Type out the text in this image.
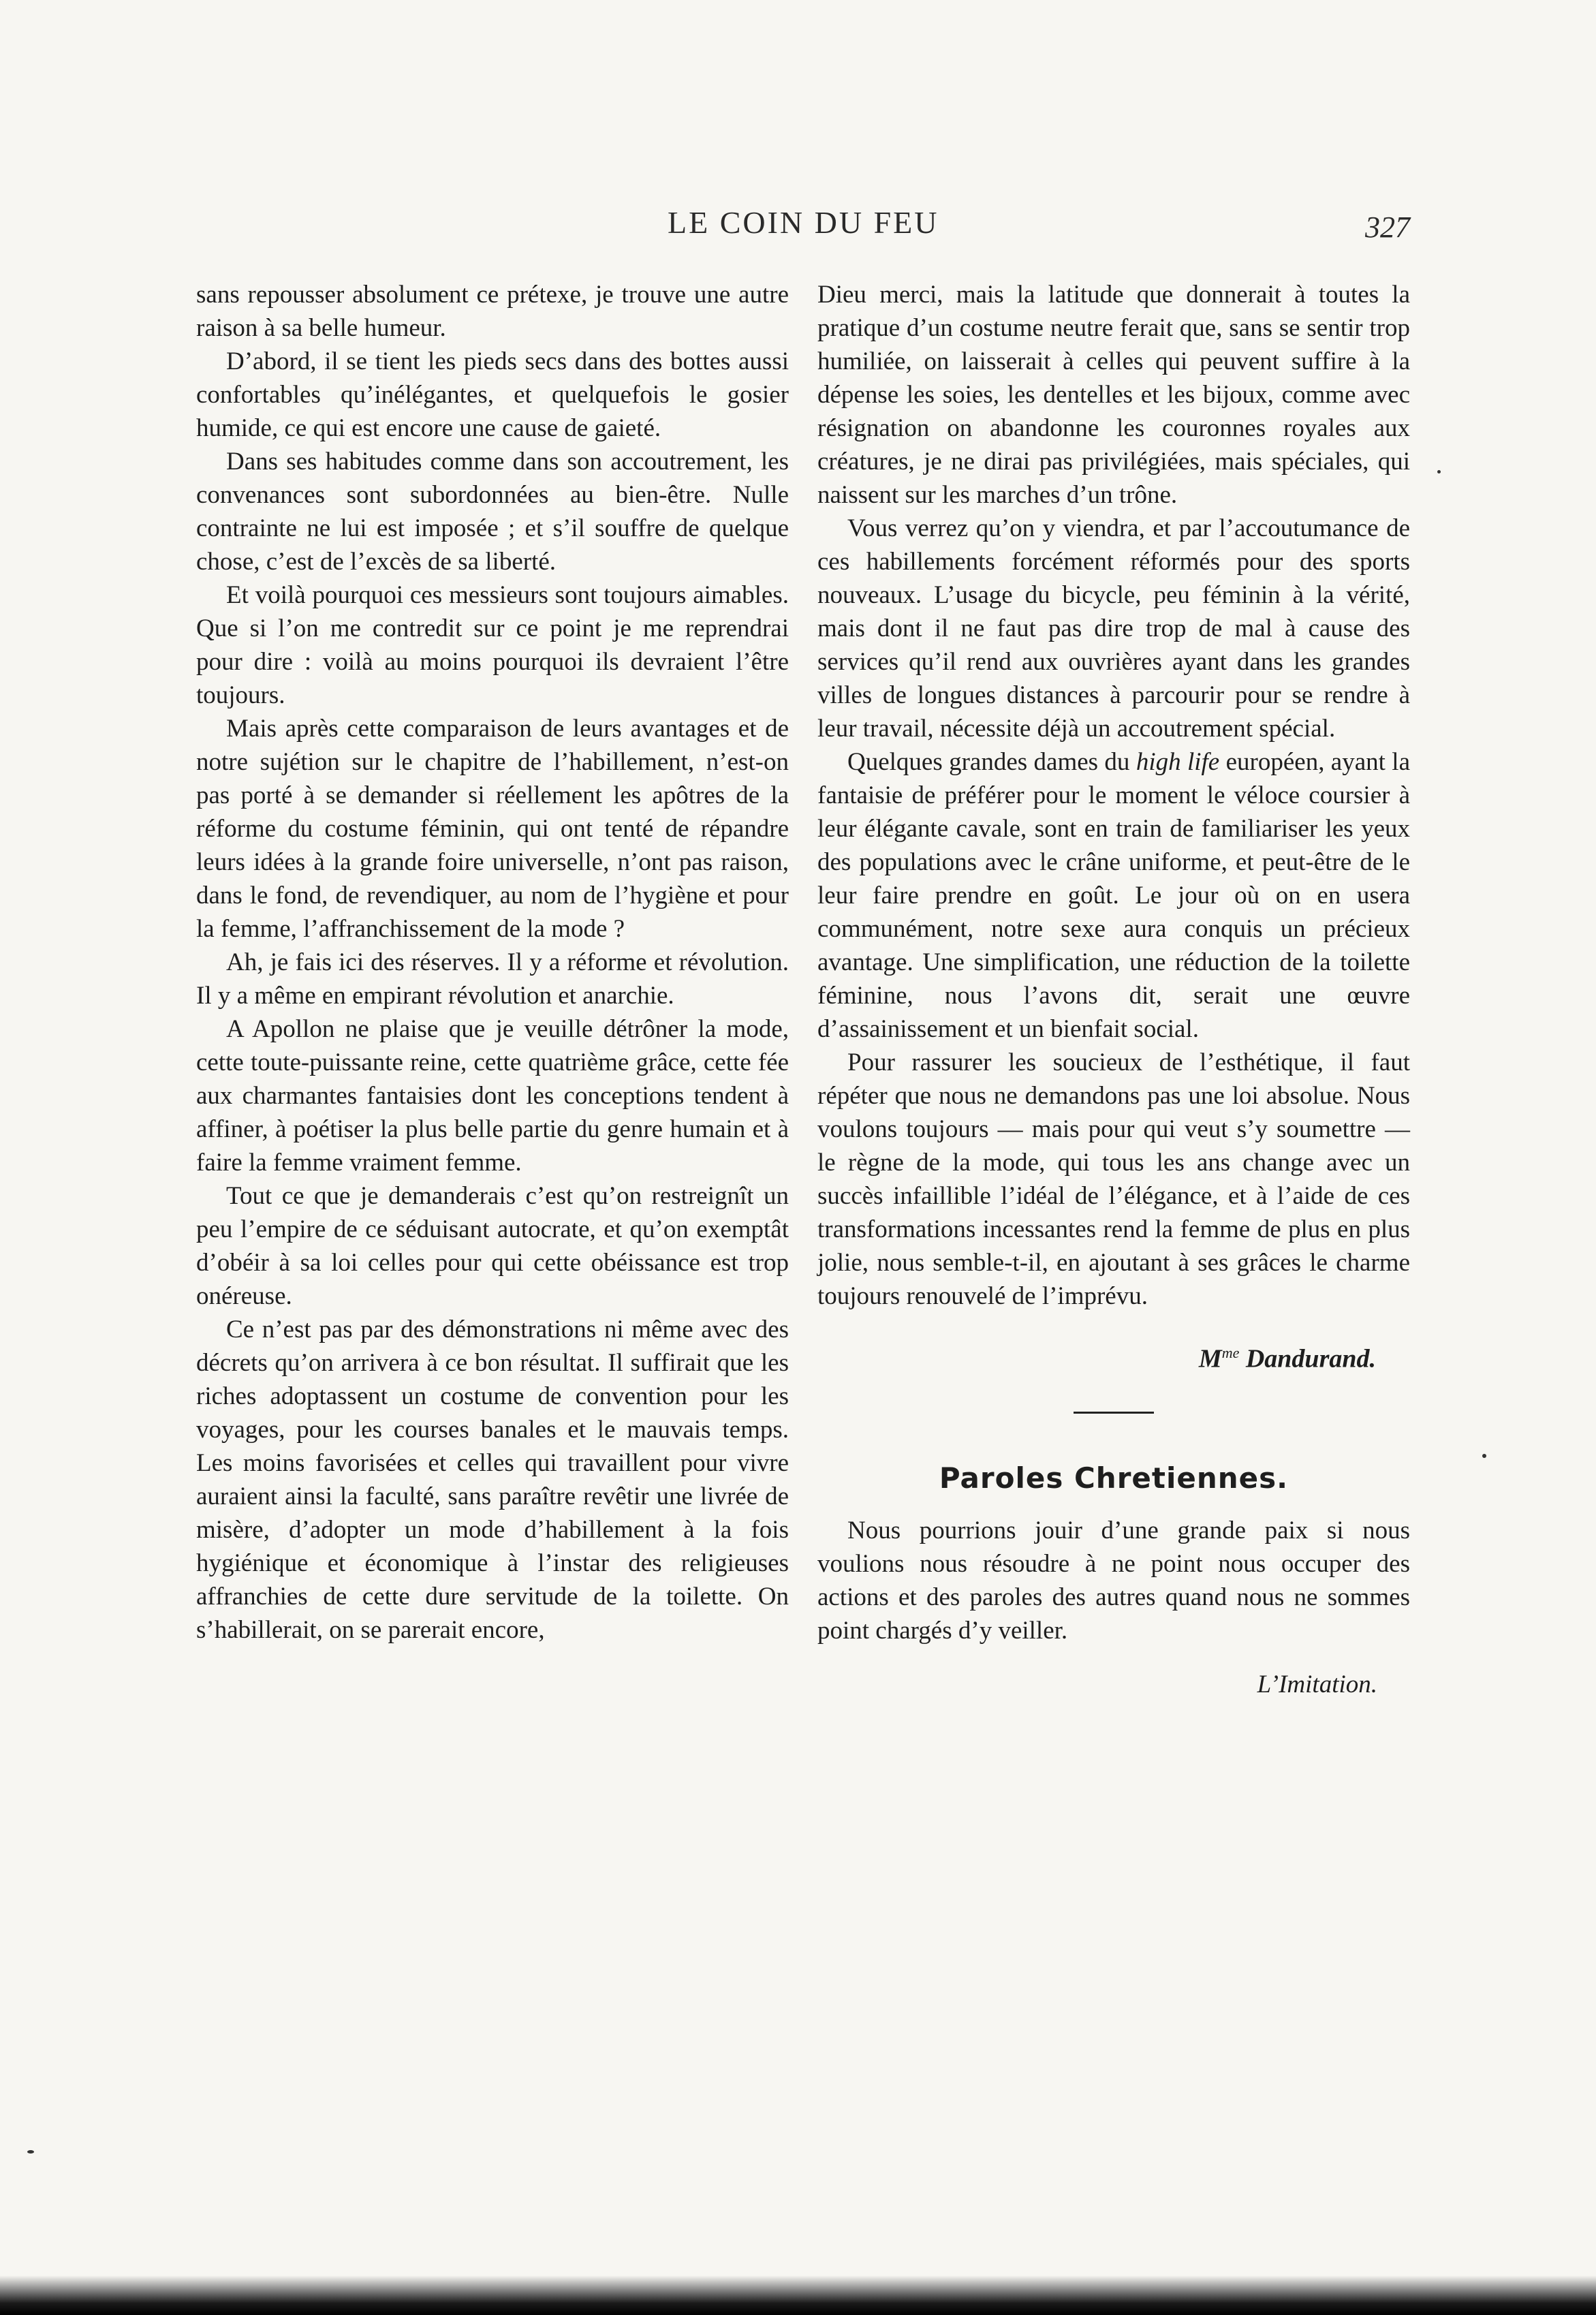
LE COIN DU FEU	327

sans repousser absolument ce prétexe, je trouve une autre raison à sa belle humeur.

D’abord, il se tient les pieds secs dans des bottes aussi confortables qu’inélégantes, et quelquefois le gosier humide, ce qui est encore une cause de gaieté.

Dans ses habitudes comme dans son accoutrement, les convenances sont subordonnées au bien-être. Nulle contrainte ne lui est imposée ; et s’il souffre de quelque chose, c’est de l’excès de sa liberté.

Et voilà pourquoi ces messieurs sont toujours aimables. Que si l’on me contredit sur ce point je me reprendrai pour dire : voilà au moins pourquoi ils devraient l’être toujours.

Mais après cette comparaison de leurs avantages et de notre sujétion sur le chapitre de l’habillement, n’est-on pas porté à se demander si réellement les apôtres de la réforme du costume féminin, qui ont tenté de répandre leurs idées à la grande foire universelle, n’ont pas raison, dans le fond, de revendiquer, au nom de l’hygiène et pour la femme, l’affranchissement de la mode ?

Ah, je fais ici des réserves. Il y a réforme et révolution. Il y a même en empirant révolution et anarchie.

A Apollon ne plaise que je veuille détrôner la mode, cette toute-puissante reine, cette quatrième grâce, cette fée aux charmantes fantaisies dont les conceptions tendent à affiner, à poétiser la plus belle partie du genre humain et à faire la femme vraiment femme.

Tout ce que je demanderais c’est qu’on restreignît un peu l’empire de ce séduisant autocrate, et qu’on exemptât d’obéir à sa loi celles pour qui cette obéissance est trop onéreuse.

Ce n’est pas par des démonstrations ni même avec des décrets qu’on arrivera à ce bon résultat. Il suffirait que les riches adoptassent un costume de convention pour les voyages, pour les courses banales et le mauvais temps. Les moins favorisées et celles qui travaillent pour vivre auraient ainsi la faculté, sans paraître revêtir une livrée de misère, d’adopter un mode d’habillement à la fois hygiénique et économique à l’instar des religieuses affranchies de cette dure servitude de la toilette. On s’habillerait, on se parerait encore,

Dieu merci, mais la latitude que donnerait à toutes la pratique d’un costume neutre ferait que, sans se sentir trop humiliée, on laisserait à celles qui peuvent suffire à la dépense les soies, les dentelles et les bijoux, comme avec résignation on abandonne les couronnes royales aux créatures, je ne dirai pas privilégiées, mais spéciales, qui naissent sur les marches d’un trône.

Vous verrez qu’on y viendra, et par l’accoutumance de ces habillements forcément réformés pour des sports nouveaux. L’usage du bicycle, peu féminin à la vérité, mais dont il ne faut pas dire trop de mal à cause des services qu’il rend aux ouvrières ayant dans les grandes villes de longues distances à parcourir pour se rendre à leur travail, nécessite déjà un accoutrement spécial.

Quelques grandes dames du high life européen, ayant la fantaisie de préférer pour le moment le véloce coursier à leur élégante cavale, sont en train de familiariser les yeux des populations avec le crâne uniforme, et peut-être de le leur faire prendre en goût. Le jour où on en usera communément, notre sexe aura conquis un précieux avantage. Une simplification, une réduction de la toilette féminine, nous l’avons dit, serait une œuvre d’assainissement et un bienfait social.

Pour rassurer les soucieux de l’esthétique, il faut répéter que nous ne demandons pas une loi absolue. Nous voulons toujours — mais pour qui veut s’y soumettre — le règne de la mode, qui tous les ans change avec un succès infaillible l’idéal de l’élégance, et à l’aide de ces transformations incessantes rend la femme de plus en plus jolie, nous semble-t-il, en ajoutant à ses grâces le charme toujours renouvelé de l’imprévu.

$M^{me}$ Dandurand.
Paroles Chretiennes.

Nous pourrions jouir d’une grande paix si nous voulions nous résoudre à ne point nous occuper des actions et des paroles des autres quand nous ne sommes point chargés d’y veiller.

L’Imitation.
